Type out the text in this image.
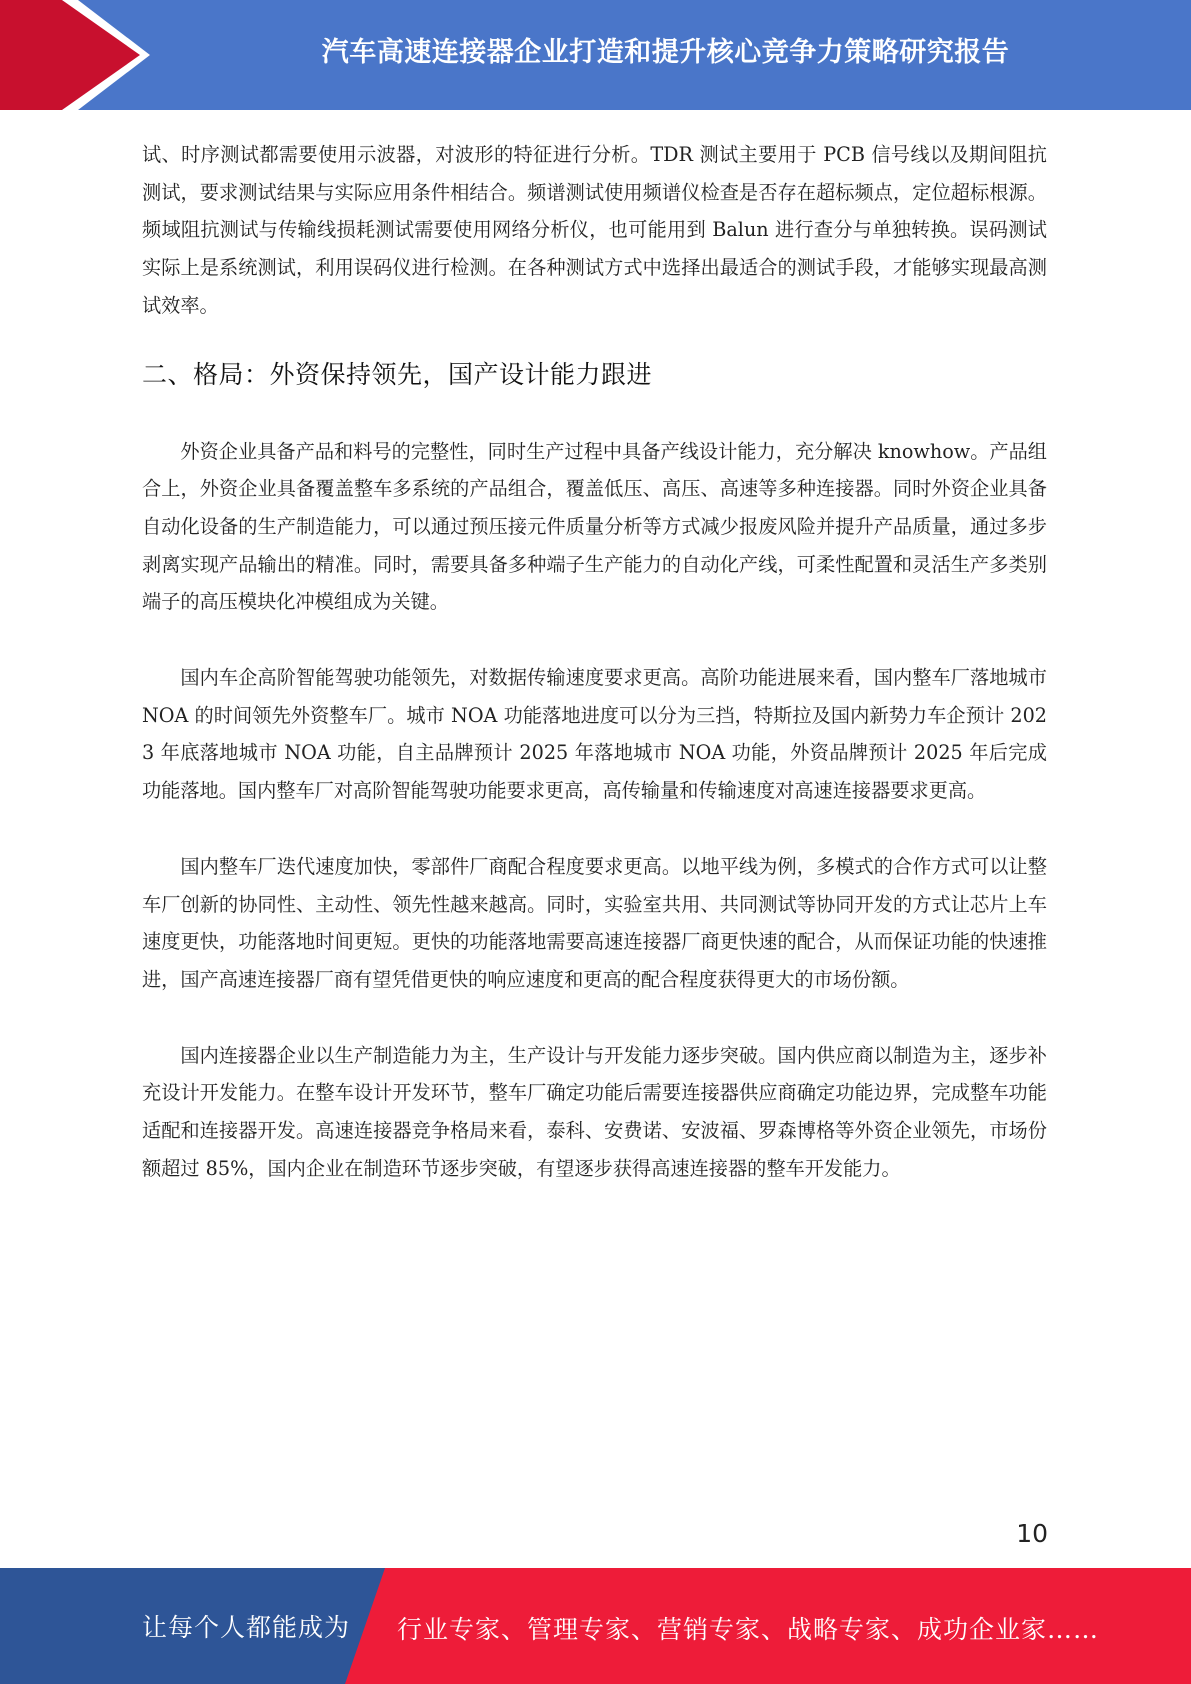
汽车高速连接器企业打造和提升核心竞争力策略研究报告

试、时序测试都需要使用示波器，对波形的特征进行分析。TDR 测试主要用于 PCB 信号线以及期间阻抗测试，要求测试结果与实际应用条件相结合。频谱测试使用频谱仪检查是否存在超标频点，定位超标根源。频域阻抗测试与传输线损耗测试需要使用网络分析仪，也可能用到 Balun 进行查分与单独转换。误码测试实际上是系统测试，利用误码仪进行检测。在各种测试方式中选择出最适合的测试手段，才能够实现最高测试效率。

二、格局：外资保持领先，国产设计能力跟进

外资企业具备产品和料号的完整性，同时生产过程中具备产线设计能力，充分解决 knowhow。产品组合上，外资企业具备覆盖整车多系统的产品组合，覆盖低压、高压、高速等多种连接器。同时外资企业具备自动化设备的生产制造能力，可以通过预压接元件质量分析等方式减少报废风险并提升产品质量，通过多步剥离实现产品输出的精准。同时，需要具备多种端子生产能力的自动化产线，可柔性配置和灵活生产多类别端子的高压模块化冲模组成为关键。

国内车企高阶智能驾驶功能领先，对数据传输速度要求更高。高阶功能进展来看，国内整车厂落地城市 NOA 的时间领先外资整车厂。城市 NOA 功能落地进度可以分为三挡，特斯拉及国内新势力车企预计 2023 年底落地城市 NOA 功能，自主品牌预计 2025 年落地城市 NOA 功能，外资品牌预计 2025 年后完成功能落地。国内整车厂对高阶智能驾驶功能要求更高，高传输量和传输速度对高速连接器要求更高。

国内整车厂迭代速度加快，零部件厂商配合程度要求更高。以地平线为例，多模式的合作方式可以让整车厂创新的协同性、主动性、领先性越来越高。同时，实验室共用、共同测试等协同开发的方式让芯片上车速度更快，功能落地时间更短。更快的功能落地需要高速连接器厂商更快速的配合，从而保证功能的快速推进，国产高速连接器厂商有望凭借更快的响应速度和更高的配合程度获得更大的市场份额。

国内连接器企业以生产制造能力为主，生产设计与开发能力逐步突破。国内供应商以制造为主，逐步补充设计开发能力。在整车设计开发环节，整车厂确定功能后需要连接器供应商确定功能边界，完成整车功能适配和连接器开发。高速连接器竞争格局来看，泰科、安费诺、安波福、罗森博格等外资企业领先，市场份额超过 85%，国内企业在制造环节逐步突破，有望逐步获得高速连接器的整车开发能力。

10
让每个人都能成为 行业专家、管理专家、营销专家、战略专家、成功企业家……
